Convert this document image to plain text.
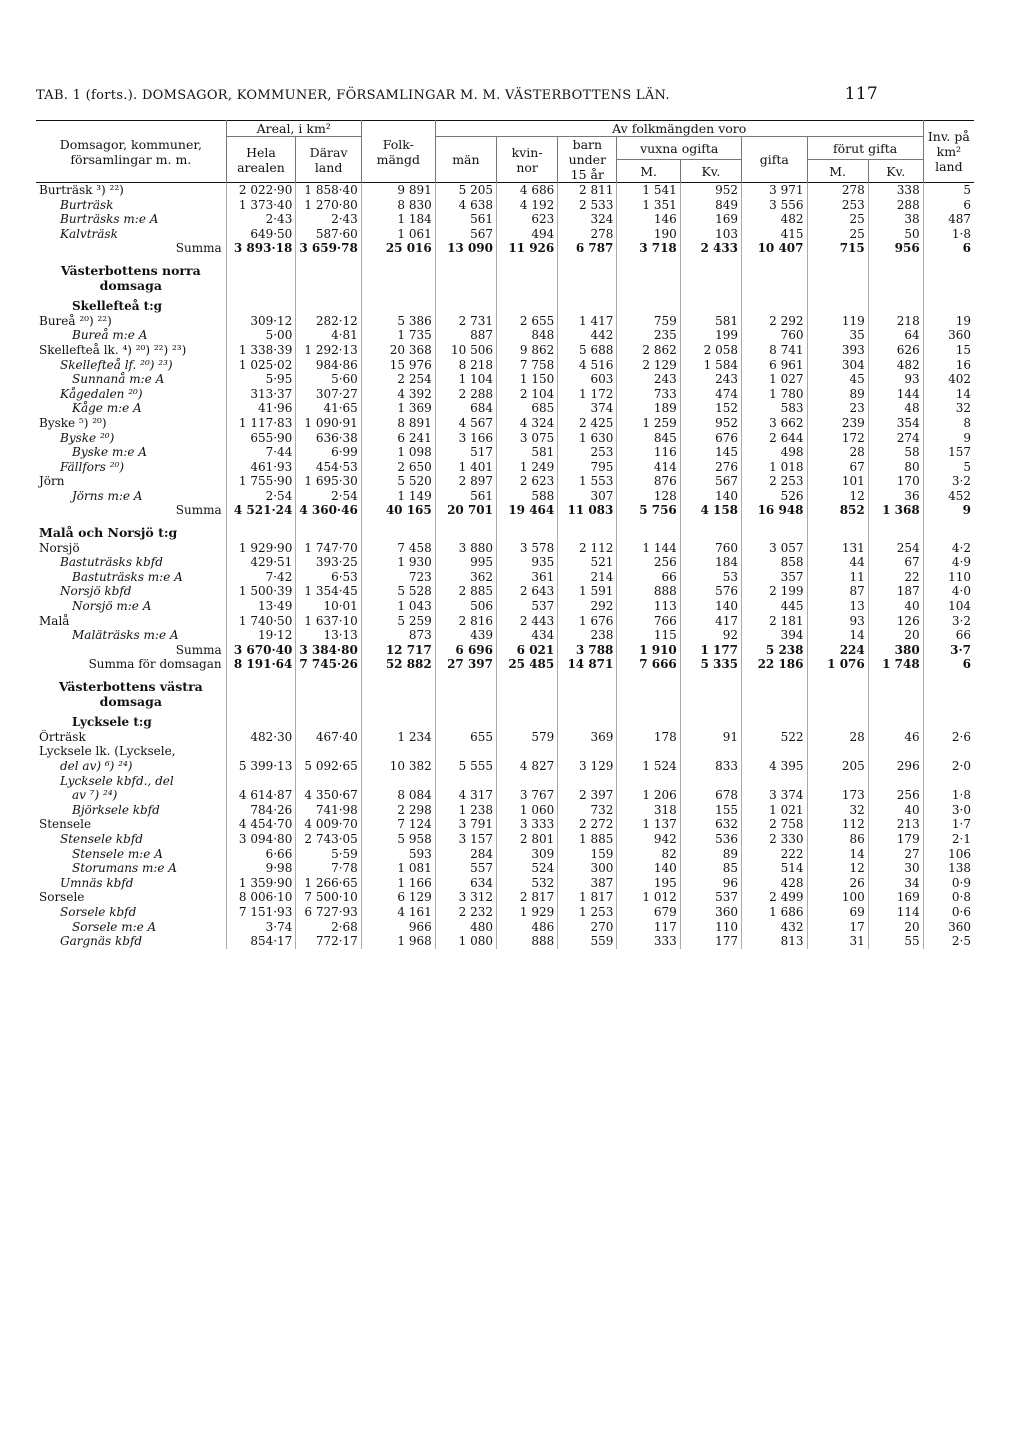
TAB. 1 (forts.). DOMSAGOR, KOMMUNER, FÖRSAMLINGAR M. M. VÄSTERBOTTENS LÄN.	117
Domsagor, kommuner, församlingar m. m.	Areal, i km²		Folk- mängd	Av folkmängden voro								Inv. på km² land
	Hela arealen	Därav land		män	kvin- nor	barn under 15 år	vuxna ogifta		gifta	förut gifta		
							M.	Kv.		M.	Kv.	
Burträsk ³) ²²)	2 022·90	1 858·40	9 891	5 205	4 686	2 811	1 541	952	3 971	278	338	5
Burträsk	1 373·40	1 270·80	8 830	4 638	4 192	2 533	1 351	849	3 556	253	288	6
Burträsks m:e A	2·43	2·43	1 184	561	623	324	146	169	482	25	38	487
Kalvträsk	649·50	587·60	1 061	567	494	278	190	103	415	25	50	1·8
Summa	3 893·18	3 659·78	25 016	13 090	11 926	6 787	3 718	2 433	10 407	715	956	6
Västerbottens norra domsaga												
Skellefteå t:g												
Bureå ²⁰) ²²)	309·12	282·12	5 386	2 731	2 655	1 417	759	581	2 292	119	218	19
Bureå m:e A	5·00	4·81	1 735	887	848	442	235	199	760	35	64	360
Skellefteå lk. ⁴) ²⁰) ²²) ²³)	1 338·39	1 292·13	20 368	10 506	9 862	5 688	2 862	2 058	8 741	393	626	15
Skellefteå lf. ²⁰) ²³)	1 025·02	984·86	15 976	8 218	7 758	4 516	2 129	1 584	6 961	304	482	16
Sunnanå m:e A	5·95	5·60	2 254	1 104	1 150	603	243	243	1 027	45	93	402
Kågedalen ²⁰)	313·37	307·27	4 392	2 288	2 104	1 172	733	474	1 780	89	144	14
Kåge m:e A	41·96	41·65	1 369	684	685	374	189	152	583	23	48	32
Byske ⁵) ²⁰)	1 117·83	1 090·91	8 891	4 567	4 324	2 425	1 259	952	3 662	239	354	8
Byske ²⁰)	655·90	636·38	6 241	3 166	3 075	1 630	845	676	2 644	172	274	9
Byske m:e A	7·44	6·99	1 098	517	581	253	116	145	498	28	58	157
Fällfors ²⁰)	461·93	454·53	2 650	1 401	1 249	795	414	276	1 018	67	80	5
Jörn	1 755·90	1 695·30	5 520	2 897	2 623	1 553	876	567	2 253	101	170	3·2
Jörns m:e A	2·54	2·54	1 149	561	588	307	128	140	526	12	36	452
Summa	4 521·24	4 360·46	40 165	20 701	19 464	11 083	5 756	4 158	16 948	852	1 368	9
Malå och Norsjö t:g												
Norsjö	1 929·90	1 747·70	7 458	3 880	3 578	2 112	1 144	760	3 057	131	254	4·2
Bastuträsks kbfd	429·51	393·25	1 930	995	935	521	256	184	858	44	67	4·9
Bastuträsks m:e A	7·42	6·53	723	362	361	214	66	53	357	11	22	110
Norsjö kbfd	1 500·39	1 354·45	5 528	2 885	2 643	1 591	888	576	2 199	87	187	4·0
Norsjö m:e A	13·49	10·01	1 043	506	537	292	113	140	445	13	40	104
Malå	1 740·50	1 637·10	5 259	2 816	2 443	1 676	766	417	2 181	93	126	3·2
Maläträsks m:e A	19·12	13·13	873	439	434	238	115	92	394	14	20	66
Summa	3 670·40	3 384·80	12 717	6 696	6 021	3 788	1 910	1 177	5 238	224	380	3·7
Summa för domsagan	8 191·64	7 745·26	52 882	27 397	25 485	14 871	7 666	5 335	22 186	1 076	1 748	6
Västerbottens västra domsaga												
Lycksele t:g												
Örträsk	482·30	467·40	1 234	655	579	369	178	91	522	28	46	2·6
Lycksele lk. (Lycksele,												
del av) ⁶) ²⁴)	5 399·13	5 092·65	10 382	5 555	4 827	3 129	1 524	833	4 395	205	296	2·0
Lycksele kbfd., del												
av ⁷) ²⁴)	4 614·87	4 350·67	8 084	4 317	3 767	2 397	1 206	678	3 374	173	256	1·8
Björksele kbfd	784·26	741·98	2 298	1 238	1 060	732	318	155	1 021	32	40	3·0
Stensele	4 454·70	4 009·70	7 124	3 791	3 333	2 272	1 137	632	2 758	112	213	1·7
Stensele kbfd	3 094·80	2 743·05	5 958	3 157	2 801	1 885	942	536	2 330	86	179	2·1
Stensele m:e A	6·66	5·59	593	284	309	159	82	89	222	14	27	106
Storumans m:e A	9·98	7·78	1 081	557	524	300	140	85	514	12	30	138
Umnäs kbfd	1 359·90	1 266·65	1 166	634	532	387	195	96	428	26	34	0·9
Sorsele	8 006·10	7 500·10	6 129	3 312	2 817	1 817	1 012	537	2 499	100	169	0·8
Sorsele kbfd	7 151·93	6 727·93	4 161	2 232	1 929	1 253	679	360	1 686	69	114	0·6
Sorsele m:e A	3·74	2·68	966	480	486	270	117	110	432	17	20	360
Gargnäs kbfd	854·17	772·17	1 968	1 080	888	559	333	177	813	31	55	2·5
